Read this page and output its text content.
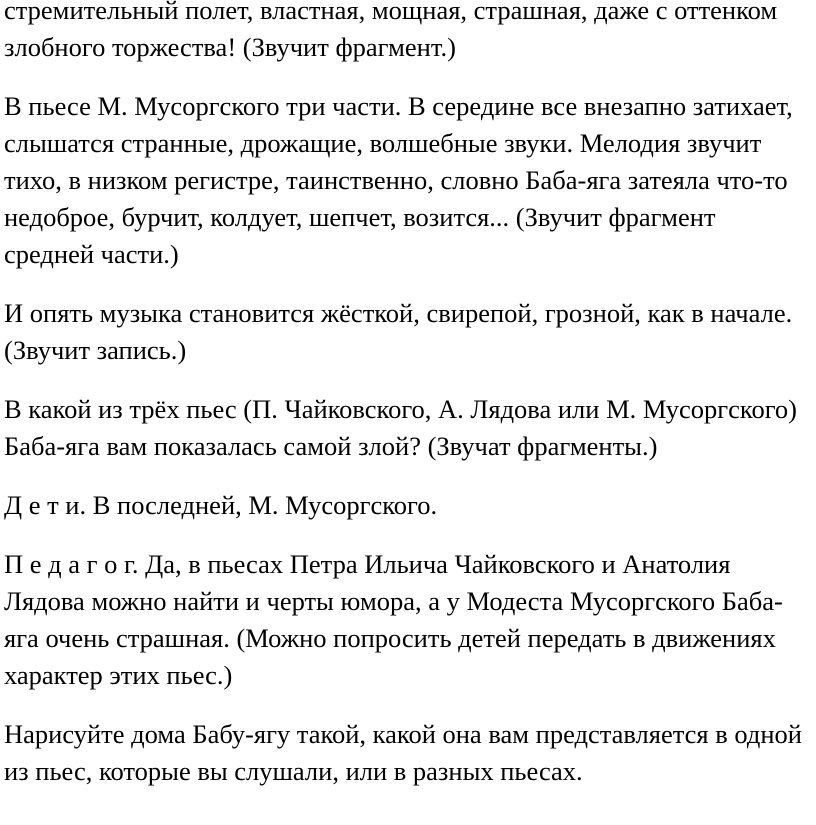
стремительный полет, властная, мощная, страшная, даже с оттенком злобного торжества! (Звучит фрагмент.)

В пьесе М. Мусоргского три части. В середине все внезапно затихает, слышатся странные, дрожащие, волшебные звуки. Мелодия звучит тихо, в низком регистре, таинственно, словно Баба-яга затеяла что-то недоброе, бурчит, колдует, шепчет, возится... (Звучит фрагмент средней части.)

И опять музыка становится жёсткой, свирепой, грозной, как в начале. (Звучит запись.)

В какой из трёх пьес (П. Чайковского, А. Лядова или М. Мусоргского) Баба-яга вам показалась самой злой? (Звучат фрагменты.)

Д е т и. В последней, М. Мусоргского.

П е д а г о г. Да, в пьесах Петра Ильича Чайковского и Анатолия Лядова можно найти и черты юмора, а у Модеста Мусоргского Баба-яга очень страшная. (Можно попросить детей передать в движениях характер этих пьес.)

Нарисуйте дома Бабу-ягу такой, какой она вам представляется в одной из пьес, которые вы слушали, или в разных пьесах.
